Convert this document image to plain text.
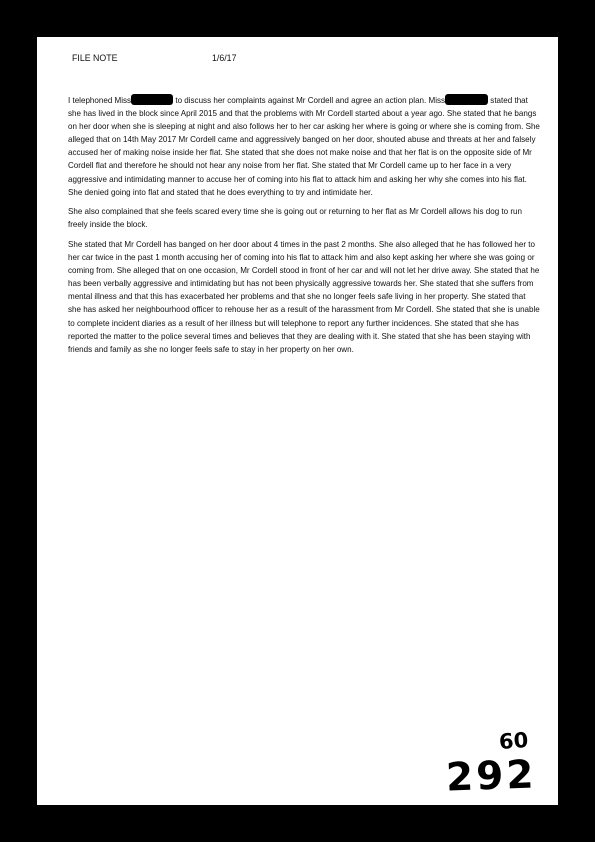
FILE NOTE	1/6/17

I telephoned Miss	to discuss her complaints against Mr Cordell and agree an action plan. Miss	stated that she has lived in the block since April 2015 and that the problems with Mr Cordell started about a year ago. She stated that he bangs on her door when she is sleeping at night and also follows her to her car asking her where is going or where she is coming from. She alleged that on 14th May 2017 Mr Cordell came and aggressively banged on her door, shouted abuse and threats at her and falsely accused her of making noise inside her flat. She stated that she does not make noise and that her flat is on the opposite side of Mr Cordell flat and therefore he should not hear any noise from her flat. She stated that Mr Cordell came up to her face in a very aggressive and intimidating manner to accuse her of coming into his flat to attack him and asking her why she comes into his flat. She denied going into flat and stated that he does everything to try and intimidate her.

She also complained that she feels scared every time she is going out or returning to her flat as Mr Cordell allows his dog to run freely inside the block.

She stated that Mr Cordell has banged on her door about 4 times in the past 2 months. She also alleged that he has followed her to her car twice in the past 1 month accusing her of coming into his flat to attack him and also kept asking her where she was going or coming from. She alleged that on one occasion, Mr Cordell stood in front of her car and will not let her drive away. She stated that he has been verbally aggressive and intimidating but has not been physically aggressive towards her. She stated that she suffers from mental illness and that this has exacerbated her problems and that she no longer feels safe living in her property. She stated that she has asked her neighbourhood officer to rehouse her as a result of the harassment from Mr Cordell. She stated that she is unable to complete incident diaries as a result of her illness but will telephone to report any further incidences. She stated that she has reported the matter to the police several times and believes that they are dealing with it. She stated that she has been staying with friends and family as she no longer feels safe to stay in her property on her own.

60
292
